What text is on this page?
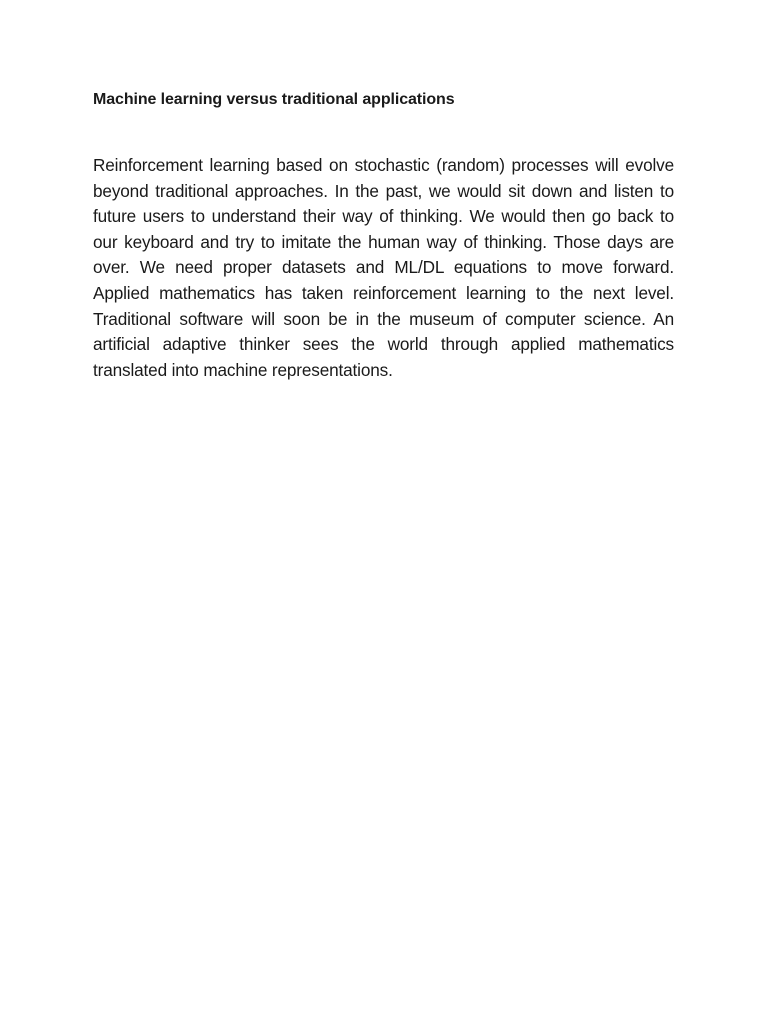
Machine learning versus traditional applications

Reinforcement learning based on stochastic (random) processes will evolve beyond traditional approaches. In the past, we would sit down and listen to future users to understand their way of thinking. We would then go back to our keyboard and try to imitate the human way of thinking. Those days are over. We need proper datasets and ML/DL equations to move forward. Applied mathematics has taken reinforcement learning to the next level. Traditional software will soon be in the museum of computer science. An artificial adaptive thinker sees the world through applied mathematics translated into machine representations.
